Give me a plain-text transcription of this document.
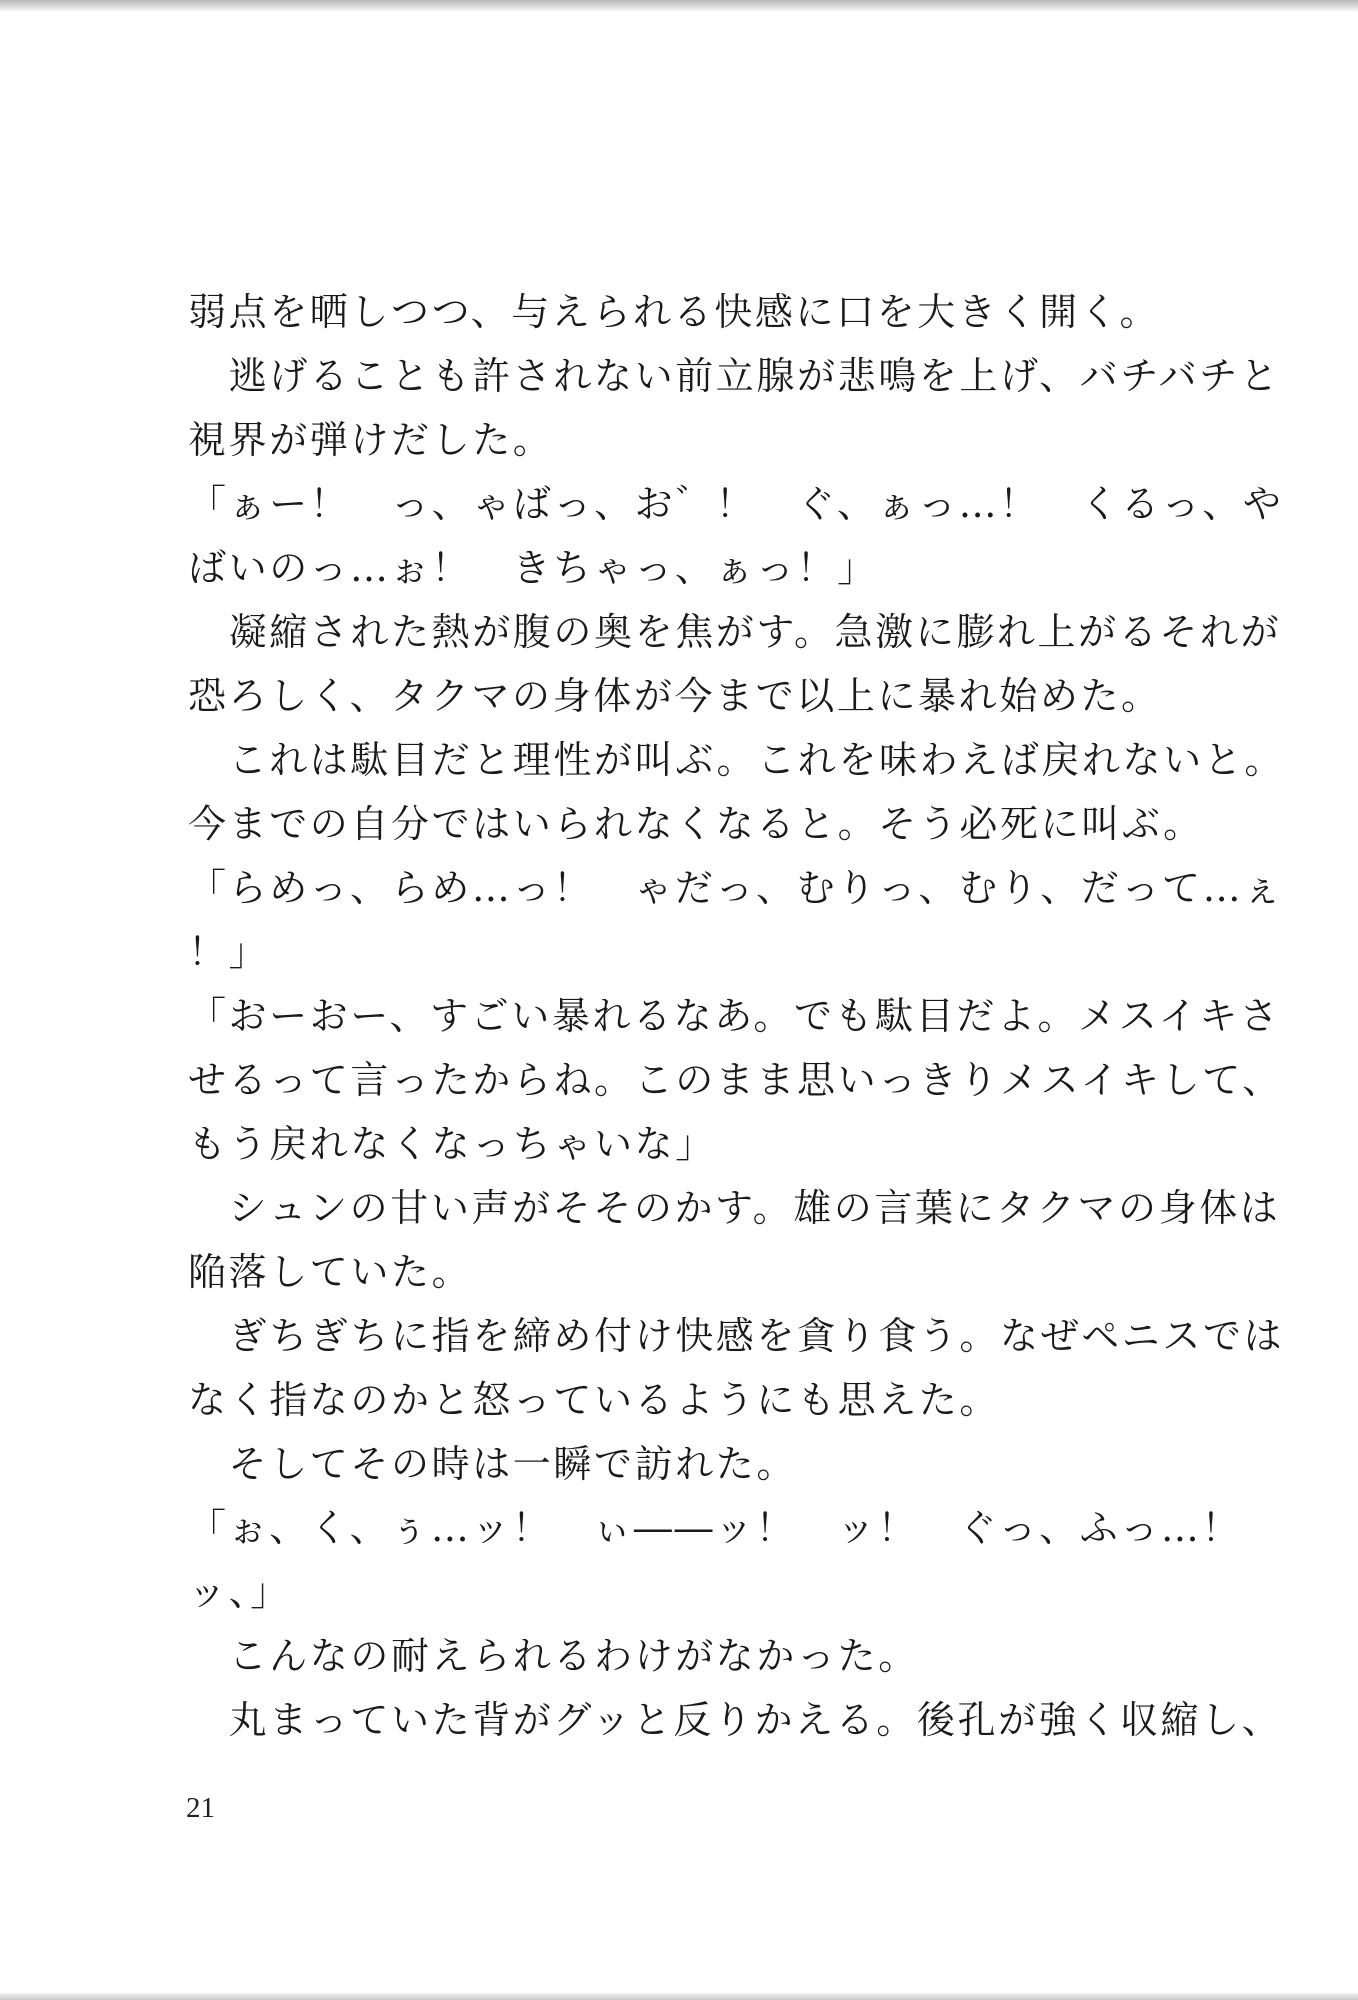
弱点を晒しつつ、与えられる快感に口を大きく開く。
　逃げることも許されない前立腺が悲鳴を上げ、バチバチと
視界が弾けだした。
「ぁー！　っ、ゃばっ、お゛！　ぐ、ぁっ…！　くるっ、や
ばいのっ…ぉ！　きちゃっ、ぁっ！」
　凝縮された熱が腹の奥を焦がす。急激に膨れ上がるそれが
恐ろしく、タクマの身体が今まで以上に暴れ始めた。
　これは駄目だと理性が叫ぶ。これを味わえば戻れないと。
今までの自分ではいられなくなると。そう必死に叫ぶ。
「らめっ、らめ…っ！　ゃだっ、むりっ、むり、だって…ぇ
！」
「おーおー、すごい暴れるなあ。でも駄目だよ。メスイキさ
せるって言ったからね。このまま思いっきりメスイキして、
もう戻れなくなっちゃいな」
　シュンの甘い声がそそのかす。雄の言葉にタクマの身体は
陥落していた。
　ぎちぎちに指を締め付け快感を貪り食う。なぜペニスでは
なく指なのかと怒っているようにも思えた。
　そしてその時は一瞬で訪れた。
「ぉ、く、ぅ…ッ！　ぃ――ッ！　ッ！　ぐっ、ふっ…！
ッ、」
　こんなの耐えられるわけがなかった。
　丸まっていた背がグッと反りかえる。後孔が強く収縮し、
21
